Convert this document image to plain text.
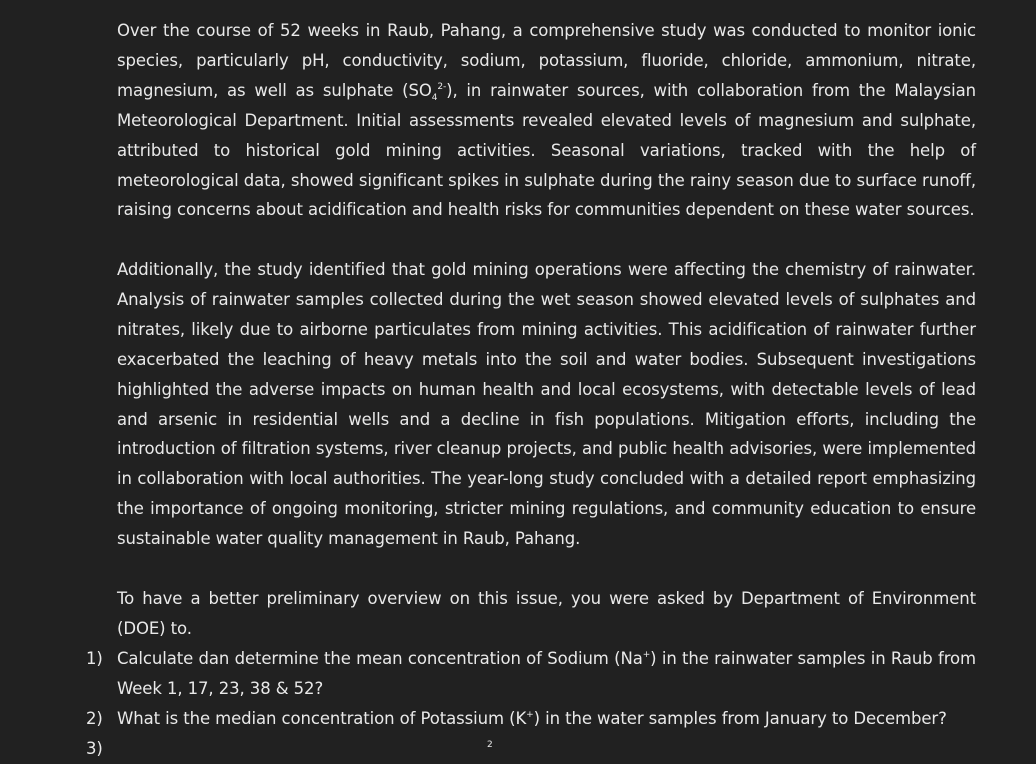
Over the course of 52 weeks in Raub, Pahang, a comprehensive study was conducted to monitor ionic species, particularly pH, conductivity, sodium, potassium, fluoride, chloride, ammonium, nitrate, magnesium, as well as sulphate $(SO_4^{2-})$, in rainwater sources, with collaboration from the Malaysian Meteorological Department. Initial assessments revealed elevated levels of magnesium and sulphate, attributed to historical gold mining activities. Seasonal variations, tracked with the help of meteorological data, showed significant spikes in sulphate during the rainy season due to surface runoff, raising concerns about acidification and health risks for communities dependent on these water sources.

Additionally, the study identified that gold mining operations were affecting the chemistry of rainwater. Analysis of rainwater samples collected during the wet season showed elevated levels of sulphates and nitrates, likely due to airborne particulates from mining activities. This acidification of rainwater further exacerbated the leaching of heavy metals into the soil and water bodies. Subsequent investigations highlighted the adverse impacts on human health and local ecosystems, with detectable levels of lead and arsenic in residential wells and a decline in fish populations. Mitigation efforts, including the introduction of filtration systems, river cleanup projects, and public health advisories, were implemented in collaboration with local authorities. The year-long study concluded with a detailed report emphasizing the importance of ongoing monitoring, stricter mining regulations, and community education to ensure sustainable water quality management in Raub, Pahang.

To have a better preliminary overview on this issue, you were asked by Department of Environment (DOE) to.

1) Calculate dan determine the mean concentration of Sodium (Na+) in the rainwater samples in Raub from Week 1, 17, 23, 38 & 52?
2) What is the median concentration of Potassium (K+) in the water samples from January to December?
3)	$^2$
